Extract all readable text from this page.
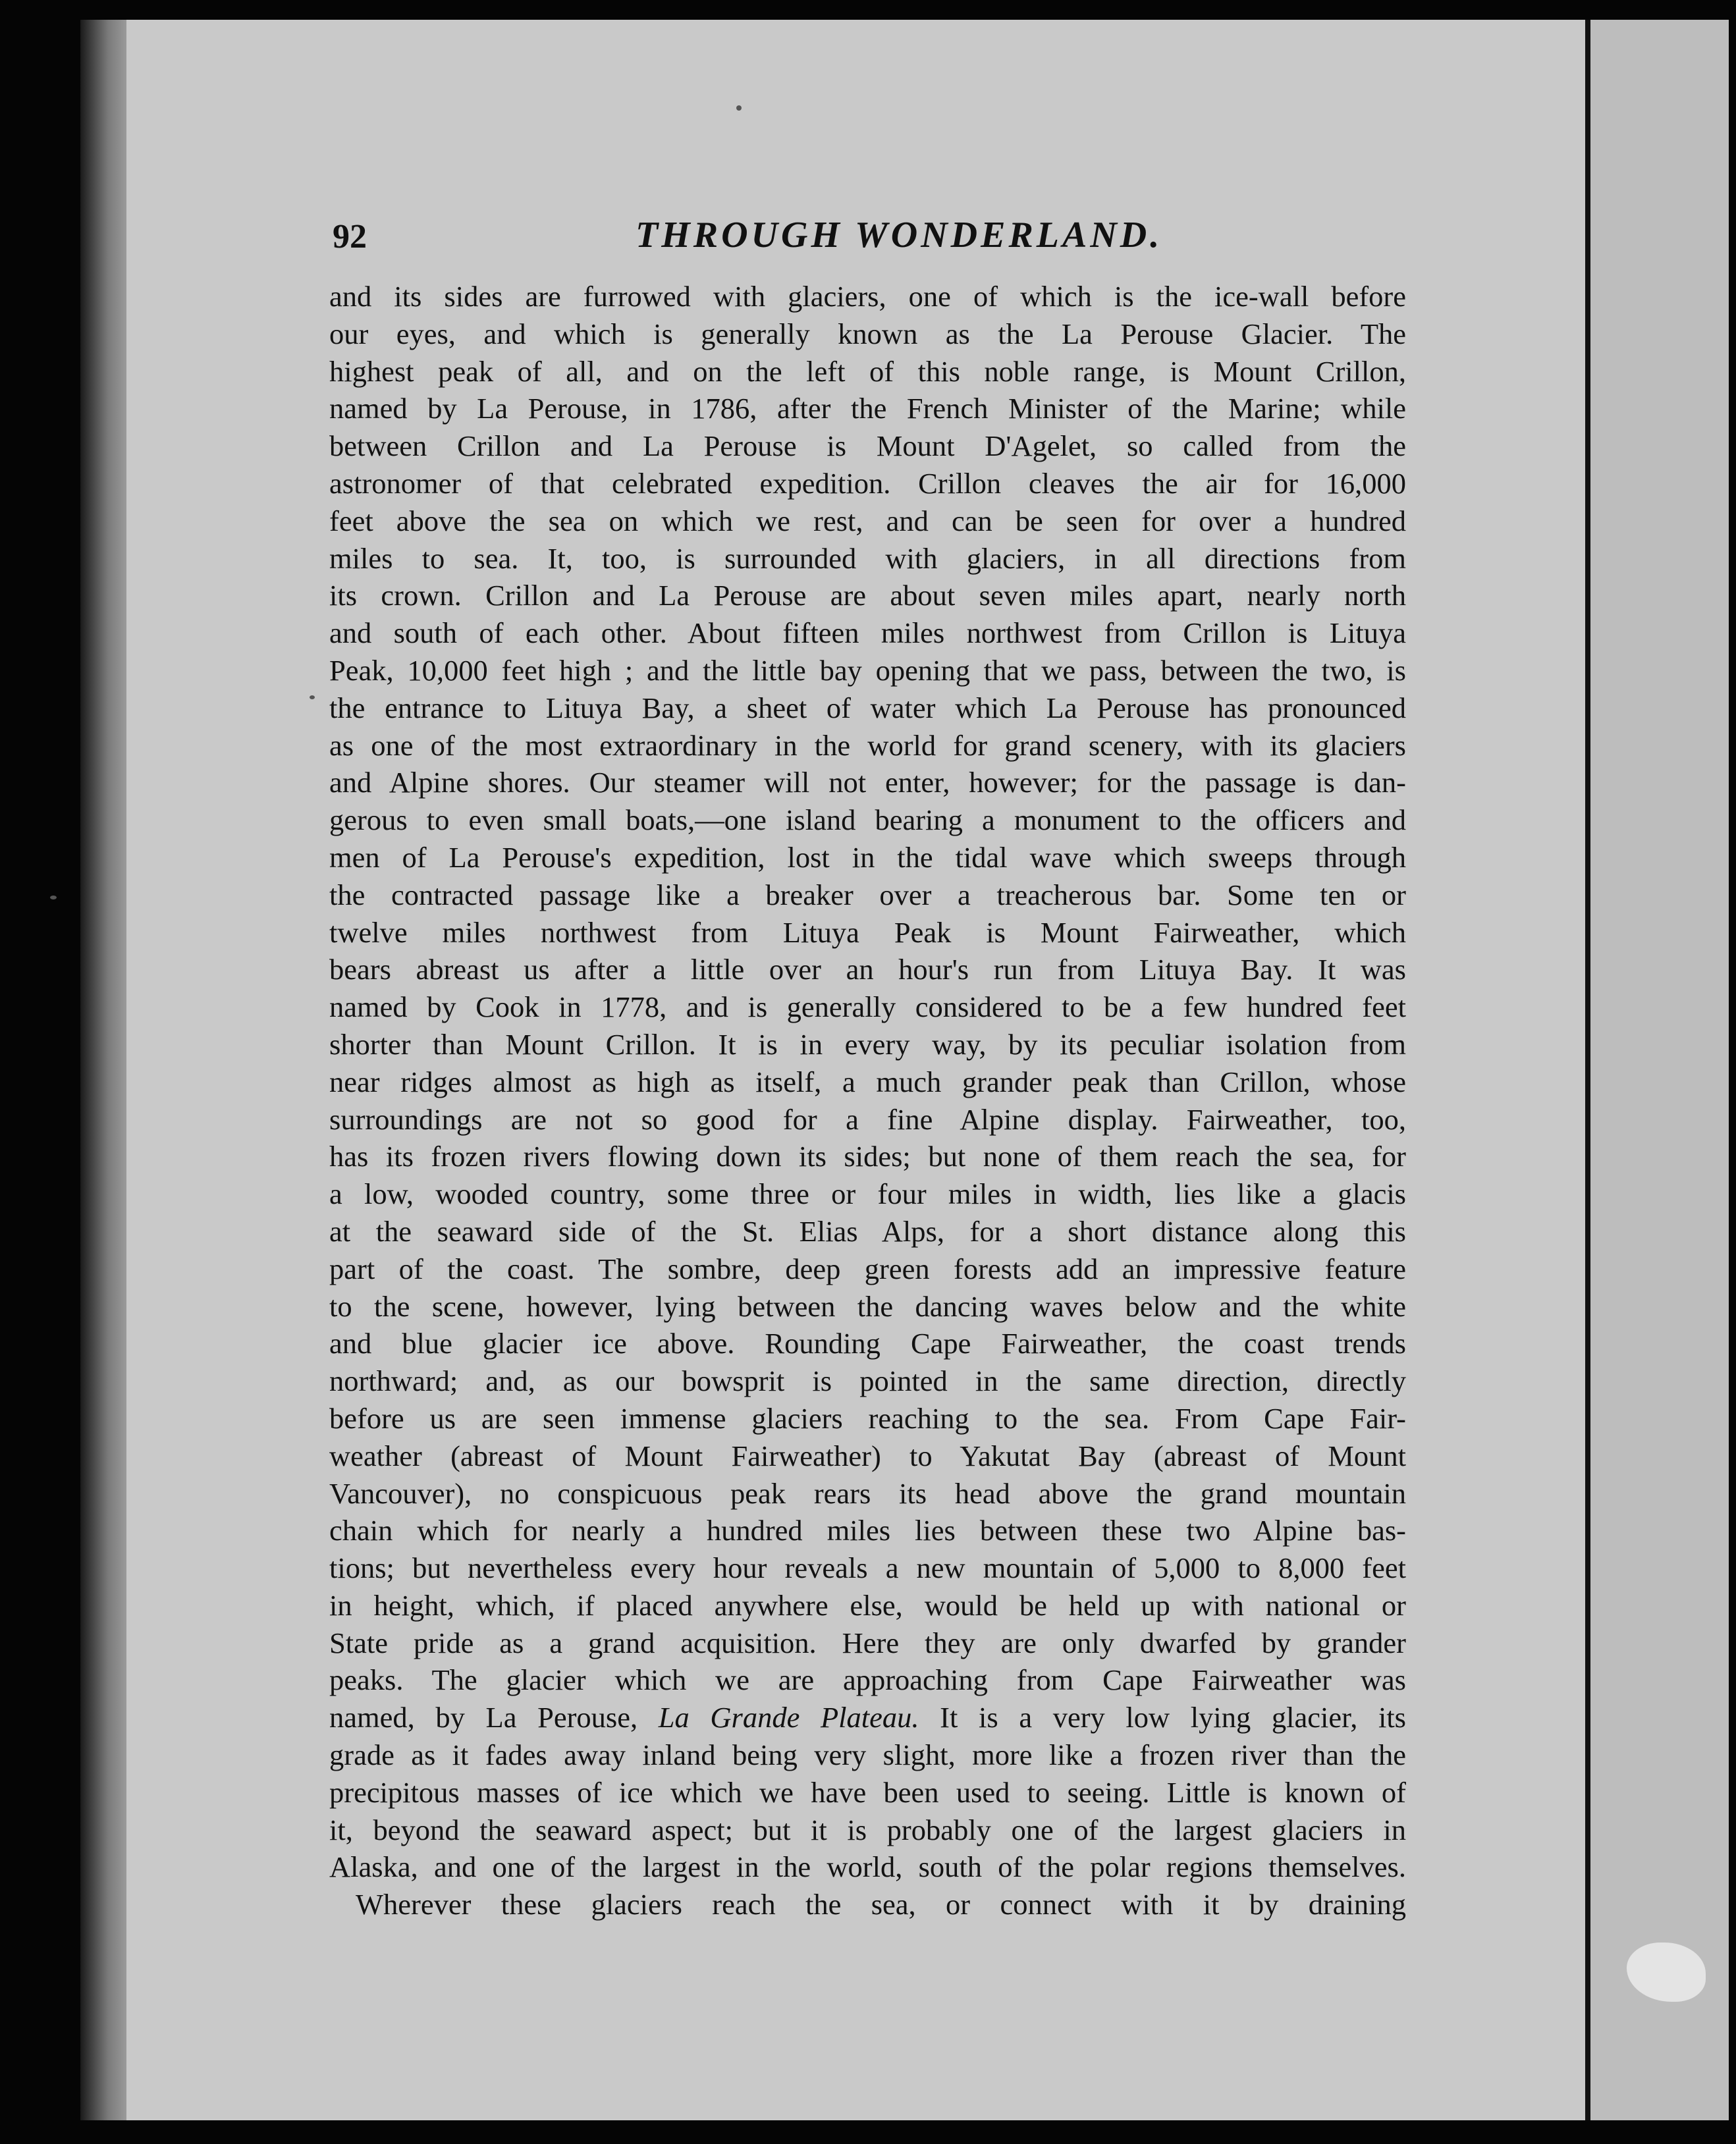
92	THROUGH WONDERLAND.
and its sides are furrowed with glaciers, one of which is the ice-wall before
our eyes, and which is generally known as the La Perouse Glacier. The
highest peak of all, and on the left of this noble range, is Mount Crillon,
named by La Perouse, in 1786, after the French Minister of the Marine; while
between Crillon and La Perouse is Mount D'Agelet, so called from the
astronomer of that celebrated expedition. Crillon cleaves the air for 16,000
feet above the sea on which we rest, and can be seen for over a hundred
miles to sea. It, too, is surrounded with glaciers, in all directions from
its crown. Crillon and La Perouse are about seven miles apart, nearly north
and south of each other. About fifteen miles northwest from Crillon is Lituya
Peak, 10,000 feet high ; and the little bay opening that we pass, between the two, is
the entrance to Lituya Bay, a sheet of water which La Perouse has pronounced
as one of the most extraordinary in the world for grand scenery, with its glaciers
and Alpine shores. Our steamer will not enter, however; for the passage is dan-
gerous to even small boats,—one island bearing a monument to the officers and
men of La Perouse's expedition, lost in the tidal wave which sweeps through
the contracted passage like a breaker over a treacherous bar. Some ten or
twelve miles northwest from Lituya Peak is Mount Fairweather, which
bears abreast us after a little over an hour's run from Lituya Bay. It was
named by Cook in 1778, and is generally considered to be a few hundred feet
shorter than Mount Crillon. It is in every way, by its peculiar isolation from
near ridges almost as high as itself, a much grander peak than Crillon, whose
surroundings are not so good for a fine Alpine display. Fairweather, too,
has its frozen rivers flowing down its sides; but none of them reach the sea, for
a low, wooded country, some three or four miles in width, lies like a glacis
at the seaward side of the St. Elias Alps, for a short distance along this
part of the coast. The sombre, deep green forests add an impressive feature
to the scene, however, lying between the dancing waves below and the white
and blue glacier ice above. Rounding Cape Fairweather, the coast trends
northward; and, as our bowsprit is pointed in the same direction, directly
before us are seen immense glaciers reaching to the sea. From Cape Fair-
weather (abreast of Mount Fairweather) to Yakutat Bay (abreast of Mount
Vancouver), no conspicuous peak rears its head above the grand mountain
chain which for nearly a hundred miles lies between these two Alpine bas-
tions; but nevertheless every hour reveals a new mountain of 5,000 to 8,000 feet
in height, which, if placed anywhere else, would be held up with national or
State pride as a grand acquisition. Here they are only dwarfed by grander
peaks. The glacier which we are approaching from Cape Fairweather was
named, by La Perouse, La Grande Plateau. It is a very low lying glacier, its
grade as it fades away inland being very slight, more like a frozen river than the
precipitous masses of ice which we have been used to seeing. Little is known of
it, beyond the seaward aspect; but it is probably one of the largest glaciers in
Alaska, and one of the largest in the world, south of the polar regions themselves.
Wherever these glaciers reach the sea, or connect with it by draining
